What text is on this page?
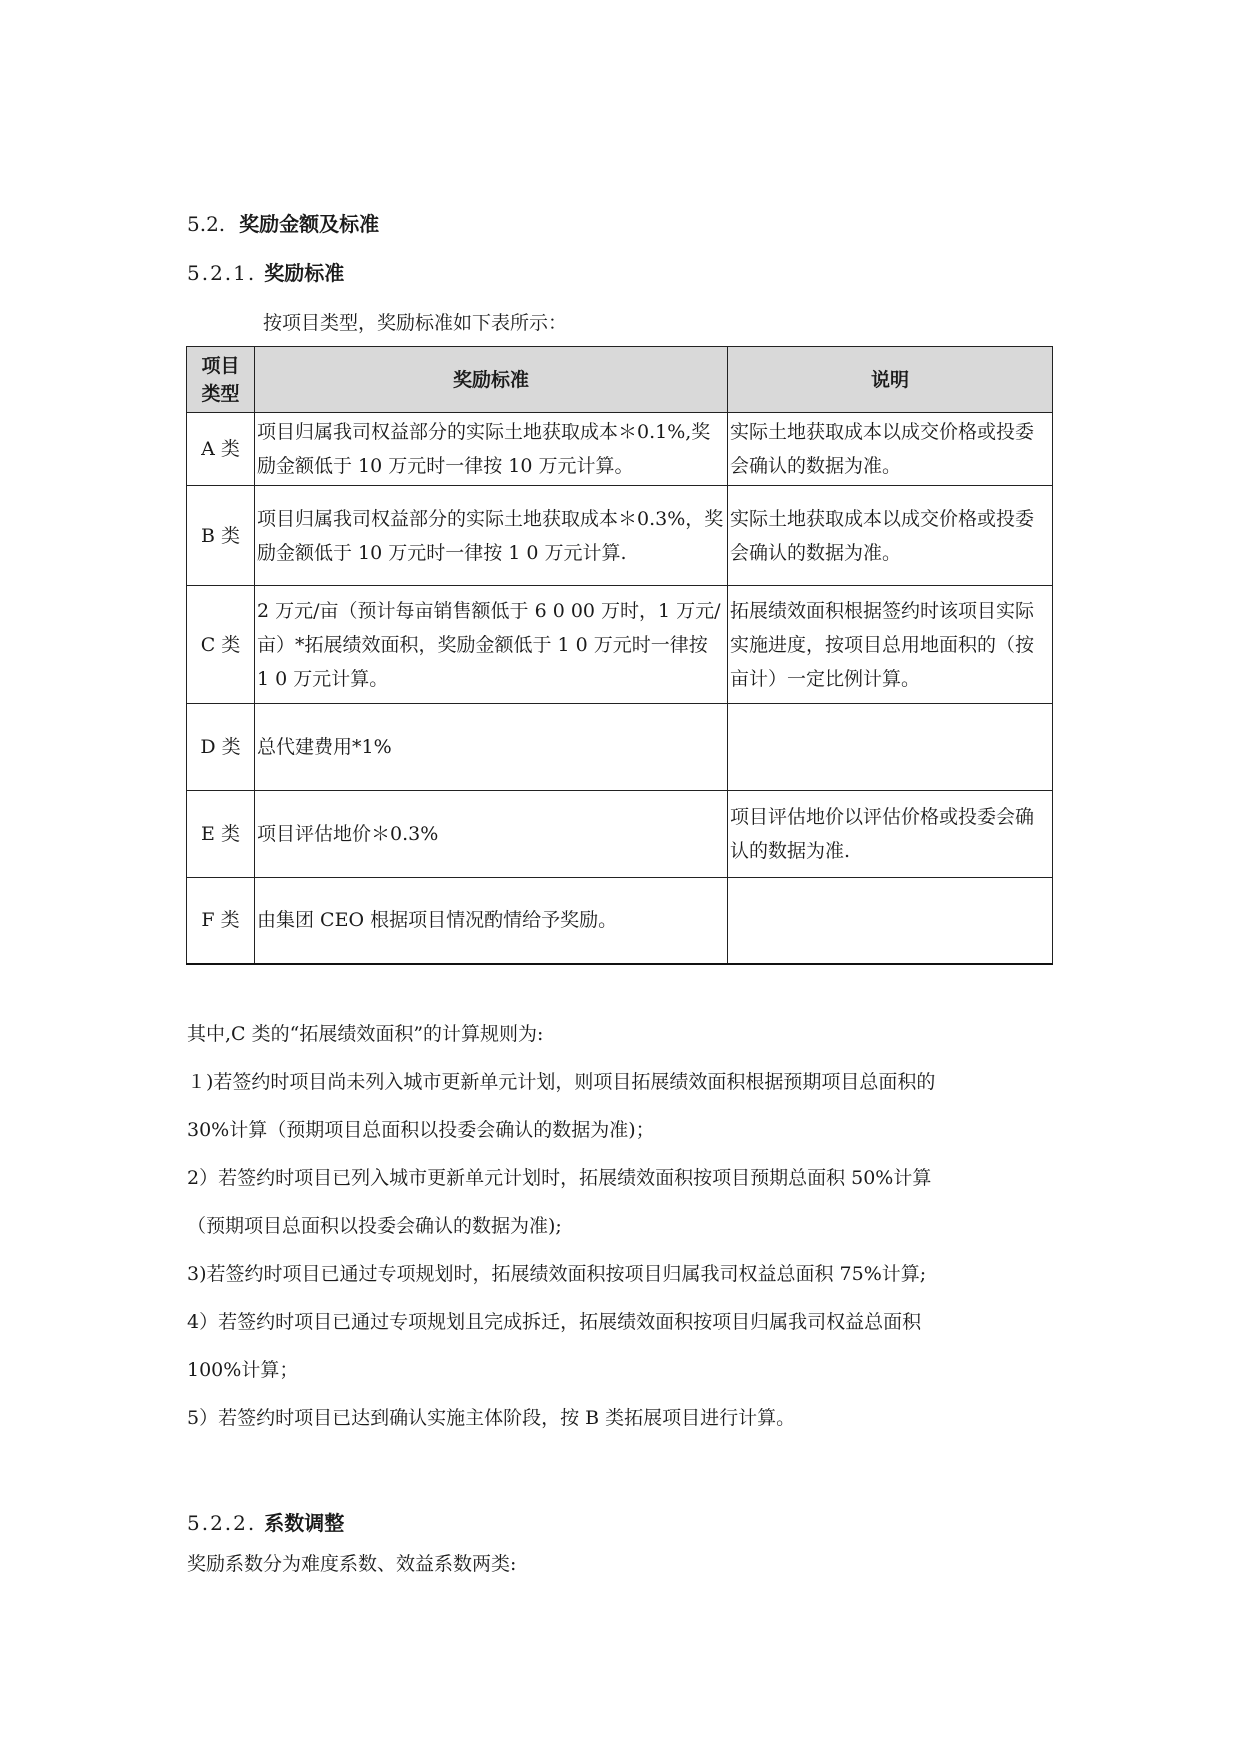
5.2. 奖励金额及标准
5.2.1. 奖励标准
按项目类型，奖励标准如下表所示：
项目
类型	奖励标准	说明
A 类	项目归属我司权益部分的实际土地获取成本＊0.1%,奖励金额低于 10 万元时一律按 10 万元计算。	实际土地获取成本以成交价格或投委会确认的数据为准。
B 类	项目归属我司权益部分的实际土地获取成本＊0.3%，奖励金额低于 10 万元时一律按 1 0 万元计算.	实际土地获取成本以成交价格或投委会确认的数据为准。
C 类	2 万元/亩（预计每亩销售额低于 6 0 00 万时，1 万元/亩）*拓展绩效面积，奖励金额低于 1 0 万元时一律按 1 0 万元计算。	拓展绩效面积根据签约时该项目实际实施进度，按项目总用地面积的（按亩计）一定比例计算。
D 类	总代建费用*1%	
E 类	项目评估地价＊0.3%	项目评估地价以评估价格或投委会确认的数据为准.
F 类	由集团 CEO 根据项目情况酌情给予奖励。	
其中,C 类的“拓展绩效面积”的计算规则为:
１)若签约时项目尚未列入城市更新单元计划，则项目拓展绩效面积根据预期项目总面积的
30%计算（预期项目总面积以投委会确认的数据为准)；
2）若签约时项目已列入城市更新单元计划时，拓展绩效面积按项目预期总面积 50%计算
（预期项目总面积以投委会确认的数据为准);
3)若签约时项目已通过专项规划时，拓展绩效面积按项目归属我司权益总面积 75%计算;
4）若签约时项目已通过专项规划且完成拆迁，拓展绩效面积按项目归属我司权益总面积
100%计算；
5）若签约时项目已达到确认实施主体阶段，按 B 类拓展项目进行计算。
5.2.2. 系数调整
奖励系数分为难度系数、效益系数两类:
